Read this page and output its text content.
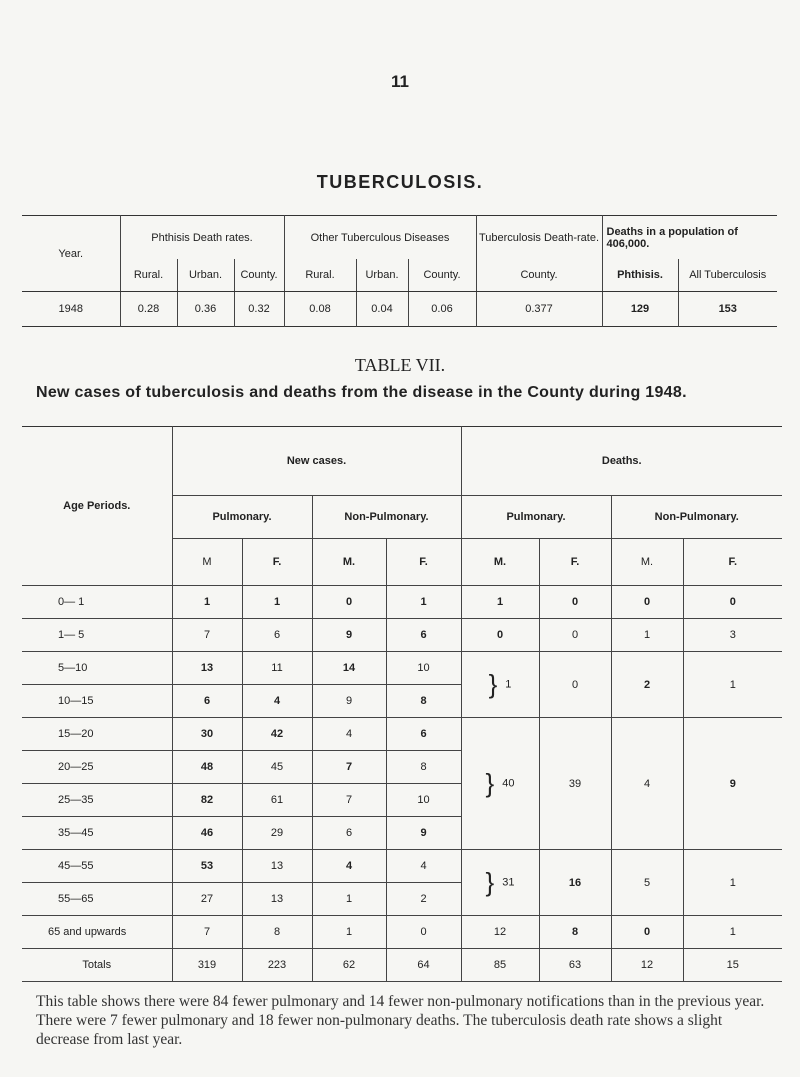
11
TUBERCULOSIS.
Year.	Phthisis Death rates.			Other Tuberculous Diseases			Tuberculosis Death-rate.	Deaths in a population of 406,000.	
	Rural.	Urban.	County.	Rural.	Urban.	County.	County.	Phthisis.	All Tuberculosis
1948	0.28	0.36	0.32	0.08	0.04	0.06	0.377	129	153
TABLE VII.
New cases of tuberculosis and deaths from the disease in the County during 1948.
Age Periods.	New cases.				Deaths.			
	Pulmonary.		Non-Pulmonary.		Pulmonary.		Non-Pulmonary.	
	M	F.	M.	F.	M.	F.	M.	F.
0— 1	1	1	0	1	1	0	0	0
1— 5	7	6	9	6	0	0	1	3
5—10	13	11	14	10	} 1	0	2	1
10—15	6	4	9	8				
15—20	30	42	4	6	} 40	39	4	9
20—25	48	45	7	8				
25—35	82	61	7	10				
35—45	46	29	6	9				
45—55	53	13	4	4	} 31	16	5	1
55—65	27	13	1	2				
65 and upwards	7	8	1	0	12	8	0	1
Totals	319	223	62	64	85	63	12	15
This table shows there were 84 fewer pulmonary and 14 fewer non-pulmonary notifications than in the previous year. There were 7 fewer pulmonary and 18 fewer non-pulmonary deaths. The tuberculosis death rate shows a slight decrease from last year.
